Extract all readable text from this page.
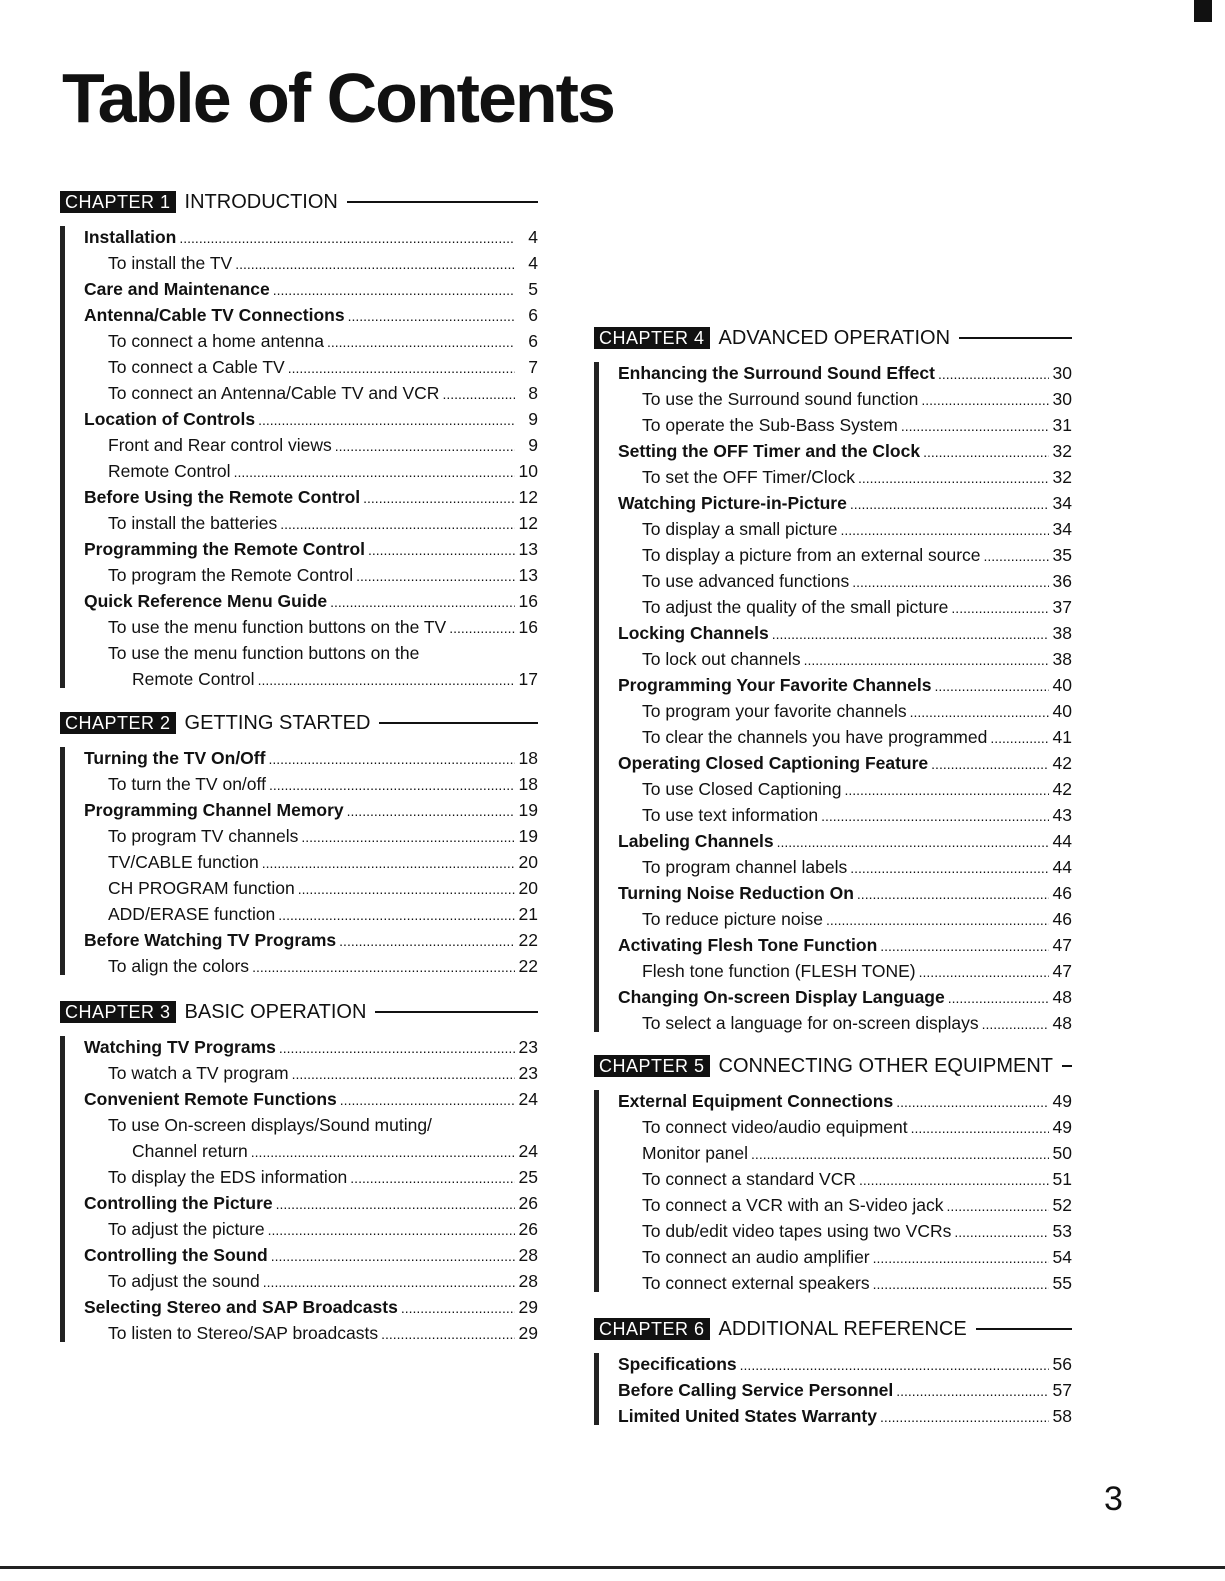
Table of Contents
CHAPTER 1 INTRODUCTION
Installation .....	4
To install the TV .....	4
Care and Maintenance .....	5
Antenna/Cable TV Connections .....	6
To connect a home antenna .....	6
To connect a Cable TV .....	7
To connect an Antenna/Cable TV and VCR .....	8
Location of Controls .....	9
Front and Rear control views .....	9
Remote Control .....	10
Before Using the Remote Control .....	12
To install the batteries .....	12
Programming the Remote Control .....	13
To program the Remote Control .....	13
Quick Reference Menu Guide .....	16
To use the menu function buttons on the TV .....	16
To use the menu function buttons on the
Remote Control .....	17
CHAPTER 2 GETTING STARTED
Turning the TV On/Off .....	18
To turn the TV on/off .....	18
Programming Channel Memory .....	19
To program TV channels .....	19
TV/CABLE function .....	20
CH PROGRAM function .....	20
ADD/ERASE function .....	21
Before Watching TV Programs .....	22
To align the colors .....	22
CHAPTER 3 BASIC OPERATION
Watching TV Programs .....	23
To watch a TV program .....	23
Convenient Remote Functions .....	24
To use On-screen displays/Sound muting/
Channel return .....	24
To display the EDS information .....	25
Controlling the Picture .....	26
To adjust the picture .....	26
Controlling the Sound .....	28
To adjust the sound .....	28
Selecting Stereo and SAP Broadcasts .....	29
To listen to Stereo/SAP broadcasts .....	29
CHAPTER 4 ADVANCED OPERATION
Enhancing the Surround Sound Effect .....	30
To use the Surround sound function .....	30
To operate the Sub-Bass System .....	31
Setting the OFF Timer and the Clock .....	32
To set the OFF Timer/Clock .....	32
Watching Picture-in-Picture .....	34
To display a small picture .....	34
To display a picture from an external source .....	35
To use advanced functions .....	36
To adjust the quality of the small picture .....	37
Locking Channels .....	38
To lock out channels .....	38
Programming Your Favorite Channels .....	40
To program your favorite channels .....	40
To clear the channels you have programmed .....	41
Operating Closed Captioning Feature .....	42
To use Closed Captioning .....	42
To use text information .....	43
Labeling Channels .....	44
To program channel labels .....	44
Turning Noise Reduction On .....	46
To reduce picture noise .....	46
Activating Flesh Tone Function .....	47
Flesh tone function (FLESH TONE) .....	47
Changing On-screen Display Language .....	48
To select a language for on-screen displays .....	48
CHAPTER 5 CONNECTING OTHER EQUIPMENT
External Equipment Connections .....	49
To connect video/audio equipment .....	49
Monitor panel .....	50
To connect a standard VCR .....	51
To connect a VCR with an S-video jack .....	52
To dub/edit video tapes using two VCRs .....	53
To connect an audio amplifier .....	54
To connect external speakers .....	55
CHAPTER 6 ADDITIONAL REFERENCE
Specifications .....	56
Before Calling Service Personnel .....	57
Limited United States Warranty .....	58
3
